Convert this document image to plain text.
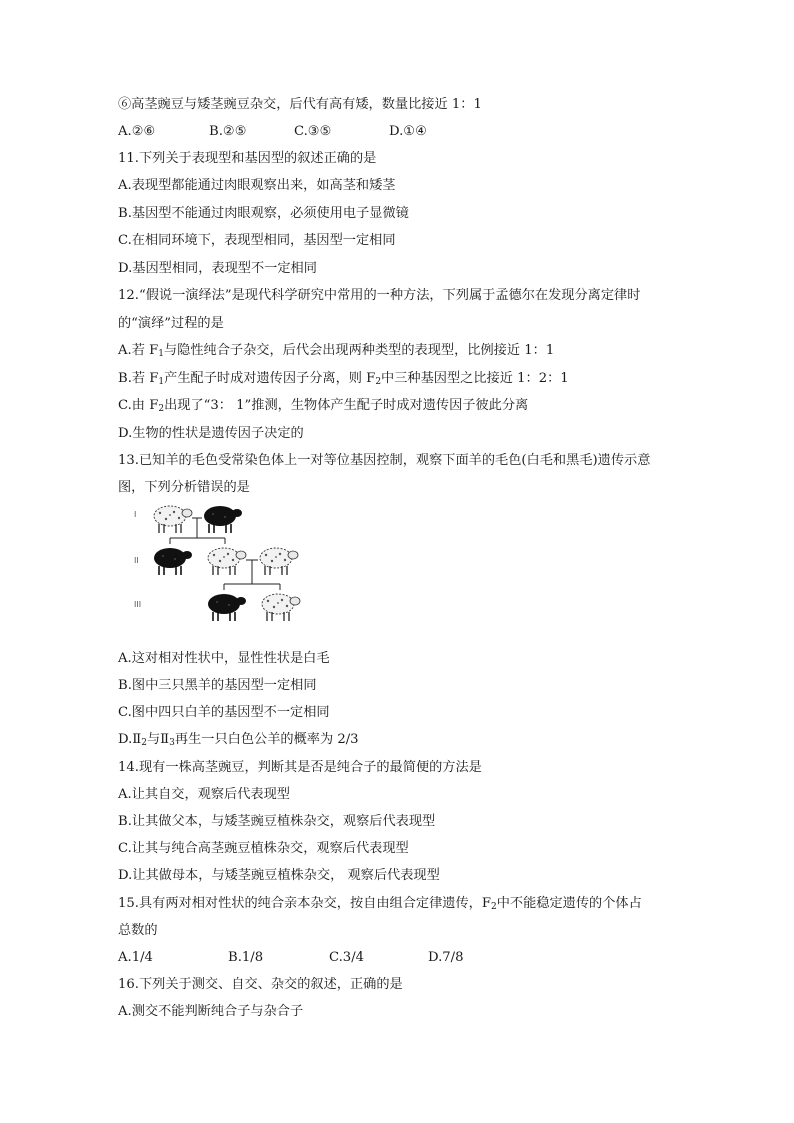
⑥高茎豌豆与矮茎豌豆杂交，后代有高有矮，数量比接近 1：1
A.②⑥	B.②⑤	C.③⑤	D.①④
11.下列关于表现型和基因型的叙述正确的是
A.表现型都能通过肉眼观察出来，如高茎和矮茎
B.基因型不能通过肉眼观察，必须使用电子显微镜
C.在相同环境下，表现型相同，基因型一定相同
D.基因型相同，表现型不一定相同
12.“假说一演绎法”是现代科学研究中常用的一种方法，下列属于孟德尔在发现分离定律时
的“演绎”过程的是
A.若 $F_1$与隐性纯合子杂交，后代会出现两种类型的表现型，比例接近 1：1
B.若 $F_1$产生配子时成对遗传因子分离，则 $F_2$中三种基因型之比接近 1：2：1
C.由 $F_2$出现了“3： 1”推测，生物体产生配子时成对遗传因子彼此分离
D.生物的性状是遗传因子决定的
13.已知羊的毛色受常染色体上一对等位基因控制，观察下面羊的毛色(白毛和黑毛)遗传示意
图，下列分析错误的是
I
II
III
A.这对相对性状中，显性性状是白毛
B.图中三只黑羊的基因型一定相同
C.图中四只白羊的基因型不一定相同
$D.Ⅱ_2$与$Ⅱ_3$再生一只白色公羊的概率为 2/3
14.现有一株高茎豌豆，判断其是否是纯合子的最简便的方法是
A.让其自交，观察后代表现型
B.让其做父本，与矮茎豌豆植株杂交，观察后代表现型
C.让其与纯合高茎豌豆植株杂交，观察后代表现型
D.让其做母本，与矮茎豌豆植株杂交， 观察后代表现型
15.具有两对相对性状的纯合亲本杂交，按自由组合定律遗传，$F_2$中不能稳定遗传的个体占
总数的
A.1/4	B.1/8	C.3/4	D.7/8
16.下列关于测交、自交、杂交的叙述，正确的是
A.测交不能判断纯合子与杂合子
